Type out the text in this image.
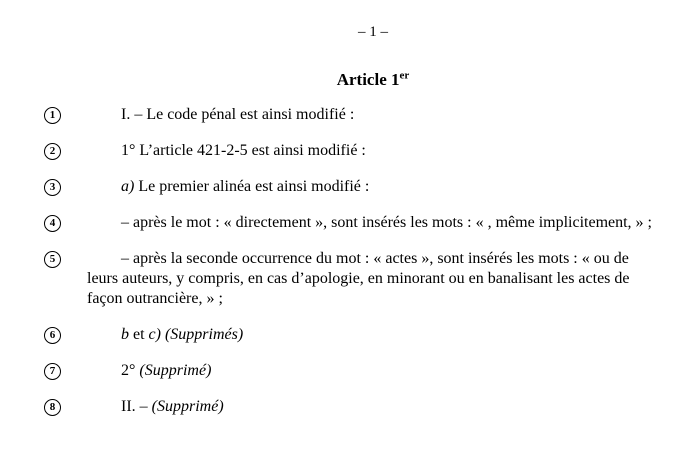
– 1 –
Article 1er
1	I. – Le code pénal est ainsi modifié :
2	1° L’article 421-2-5 est ainsi modifié :
3	a) Le premier alinéa est ainsi modifié :
4	– après le mot : « directement », sont insérés les mots : « , même implicitement, » ;
5	– après la seconde occurrence du mot : « actes », sont insérés les mots : « ou de leurs auteurs, y compris, en cas d’apologie, en minorant ou en banalisant les actes de façon outrancière, » ;
6	b et c) (Supprimés)
7	2° (Supprimé)
8	II. – (Supprimé)
